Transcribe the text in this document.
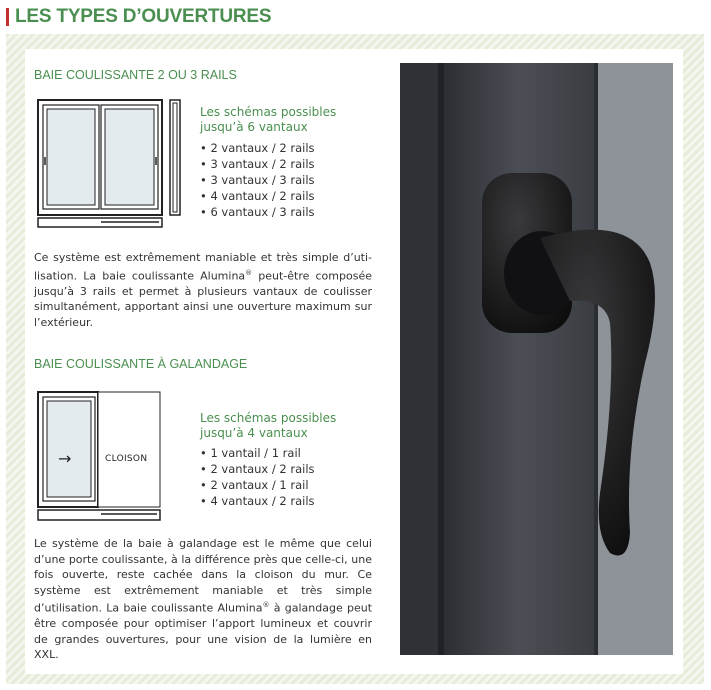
LES TYPES D’OUVERTURES
BAIE COULISSANTE 2 OU 3 RAILS
Les schémas possibles
jusqu’à 6 vantaux
• 2 vantaux / 2 rails
• 3 vantaux / 2 rails
• 3 vantaux / 3 rails
• 4 vantaux / 2 rails
• 6 vantaux / 3 rails
Ce système est extrêmement maniable et très simple d’uti-lisation. La baie coulissante Alumina® peut-être composée jusqu’à 3 rails et permet à plusieurs vantaux de coulisser simultanément, apportant ainsi une ouverture maximum sur l’extérieur.
BAIE COULISSANTE À GALANDAGE
→	CLOISON
Les schémas possibles
jusqu’à 4 vantaux
• 1 vantail / 1 rail
• 2 vantaux / 2 rails
• 2 vantaux / 1 rail
• 4 vantaux / 2 rails
Le système de la baie à galandage est le même que celui d’une porte coulissante, à la différence près que celle-ci, une fois ouverte, reste cachée dans la cloison du mur. Ce système est extrêmement maniable et très simple d’utilisation. La baie coulissante Alumina® à galandage peut être composée pour optimiser l’apport lumineux et couvrir de grandes ouvertures, pour une vision de la lumière en XXL.
